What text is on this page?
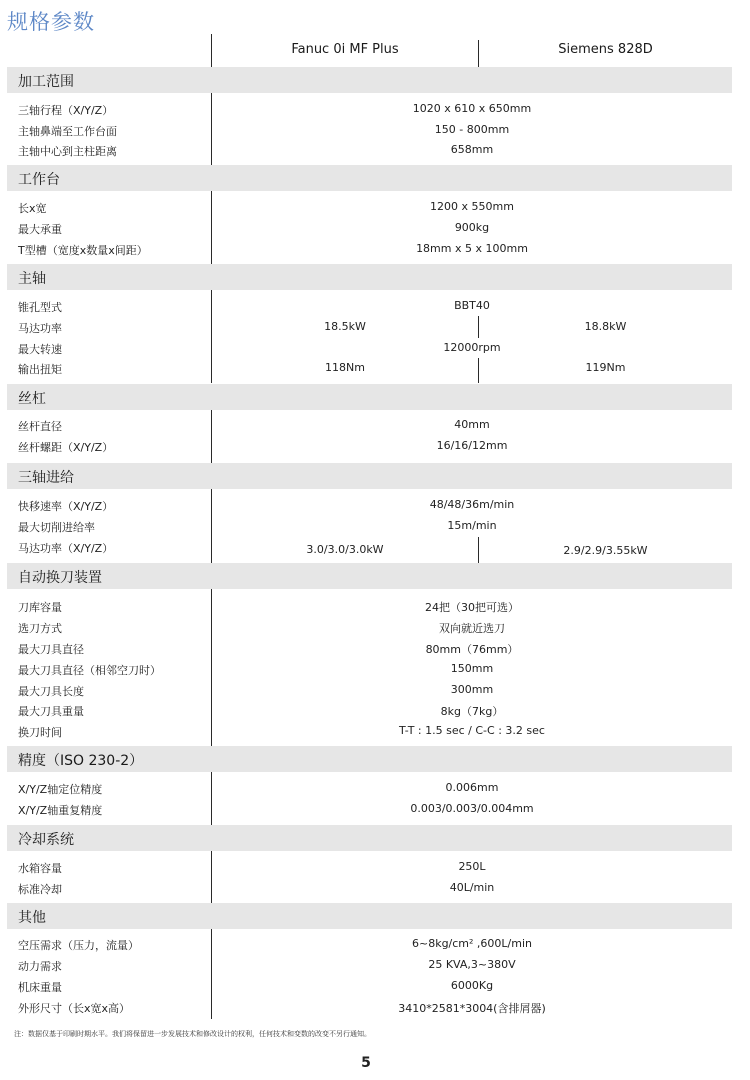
规格参数
Fanuc 0i MF Plus	Siemens 828D
加工范围
三轴行程（X/Y/Z）	1020 x 610 x 650mm
主轴鼻端至工作台面	150 - 800mm
主轴中心到主柱距离	658mm
工作台
长x宽	1200 x 550mm
最大承重	900kg
T型槽（宽度x数量x间距）	18mm x 5 x 100mm
主轴
锥孔型式	BBT40
马达功率	18.5kW	18.8kW
最大转速	12000rpm
输出扭矩	118Nm	119Nm
丝杠
丝杆直径	40mm
丝杆螺距（X/Y/Z）	16/16/12mm
三轴进给
快移速率（X/Y/Z）	48/48/36m/min
最大切削进给率	15m/min
马达功率（X/Y/Z）	3.0/3.0/3.0kW	2.9/2.9/3.55kW
自动换刀装置
刀库容量	24把（30把可选）
选刀方式	双向就近选刀
最大刀具直径	80mm（76mm）
最大刀具直径（相邻空刀时）	150mm
最大刀具长度	300mm
最大刀具重量	8kg（7kg）
换刀时间	T-T : 1.5 sec / C-C : 3.2 sec
精度（ISO 230-2）
X/Y/Z轴定位精度	0.006mm
X/Y/Z轴重复精度	0.003/0.003/0.004mm
冷却系统
水箱容量	250L
标准冷却	40L/min
其他
空压需求（压力，流量）	6~8kg/cm² ,600L/min
动力需求	25 KVA,3~380V
机床重量	6000Kg
外形尺寸（长x宽x高）	3410*2581*3004(含排屑器)
注：数据仅基于印刷时期水平。我们将保留进一步发展技术和修改设计的权利，任何技术和变数的改变不另行通知。
5
